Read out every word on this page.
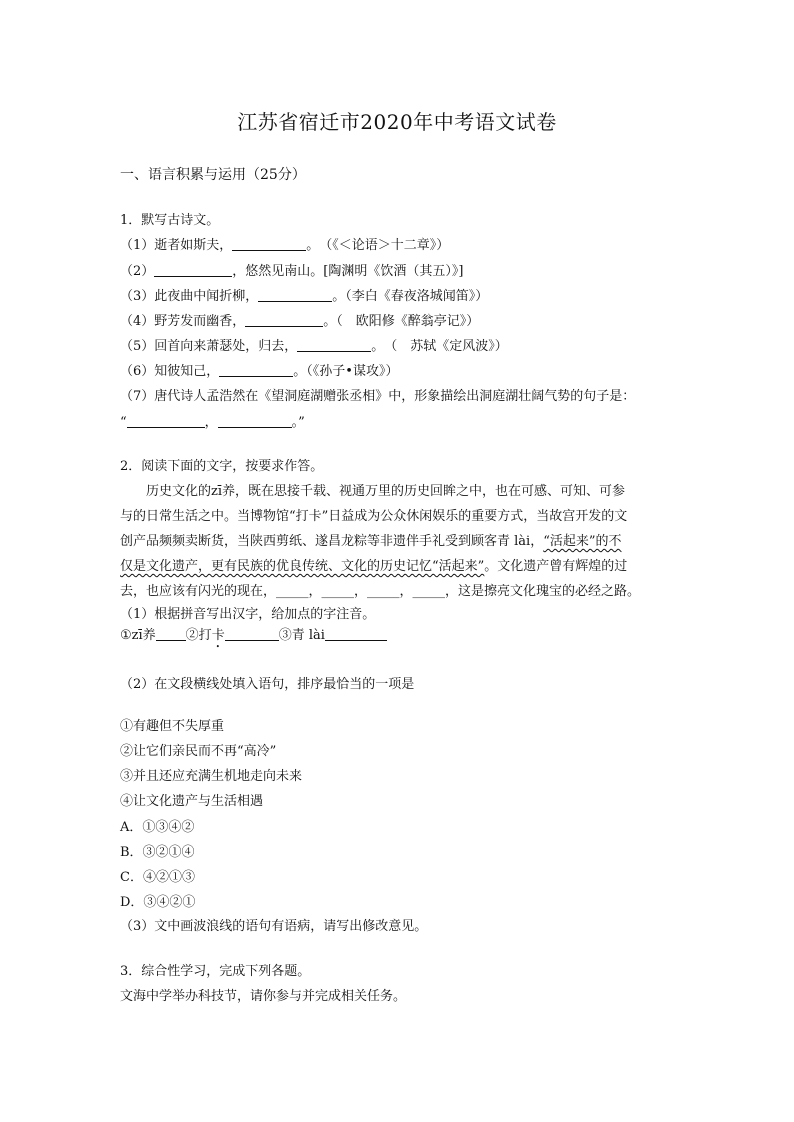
江苏省宿迁市2020年中考语文试卷
一、语言积累与运用（25分）
1．默写古诗文。
（1）逝者如斯夫，	。　（《＜论语＞十二章》）
（2）	，悠然见南山。[陶渊明《饮酒（其五）》]
（3）此夜曲中闻折柳，	。（李白《春夜洛城闻笛》）
（4）野芳发而幽香，	。（　欧阳修《醉翁亭记》）
（5）回首向来萧瑟处，归去，	。　（　苏轼《定风波》）
（6）知彼知己，	。（《孙子•谋攻》）
（7）唐代诗人孟浩然在《望洞庭湖赠张丞相》中，形象描绘出洞庭湖壮阔气势的句子是：
“	，	。”
2．阅读下面的文字，按要求作答。
　　历史文化的zī养，既在思接千载、视通万里的历史回眸之中，也在可感、可知、可参
与的日常生活之中。当博物馆“打卡”日益成为公众休闲娱乐的重要方式，当故宫开发的文
创产品频频卖断货，当陕西剪纸、遂昌龙粽等非遗伴手礼受到顾客青 lài，“活起来”的不
仅是文化遗产，更有民族的优良传统、文化的历史记忆“活起来”。文化遗产曾有辉煌的过
去，也应该有闪光的现在，_____，_____，_____，_____，这是擦亮文化瑰宝的必经之路。
（1）根据拼音写出汉字，给加点的字注音。
①zī养 ②打卡	③青 lài
（2）在文段横线处填入语句，排序最恰当的一项是
①有趣但不失厚重
②让它们亲民而不再“高冷”
③并且还应充满生机地走向未来
④让文化遗产与生活相遇
A．①③④②
B．③②①④
C．④②①③
D．③④②①
（3）文中画波浪线的语句有语病，请写出修改意见。
3．综合性学习，完成下列各题。
文海中学举办科技节，请你参与并完成相关任务。
